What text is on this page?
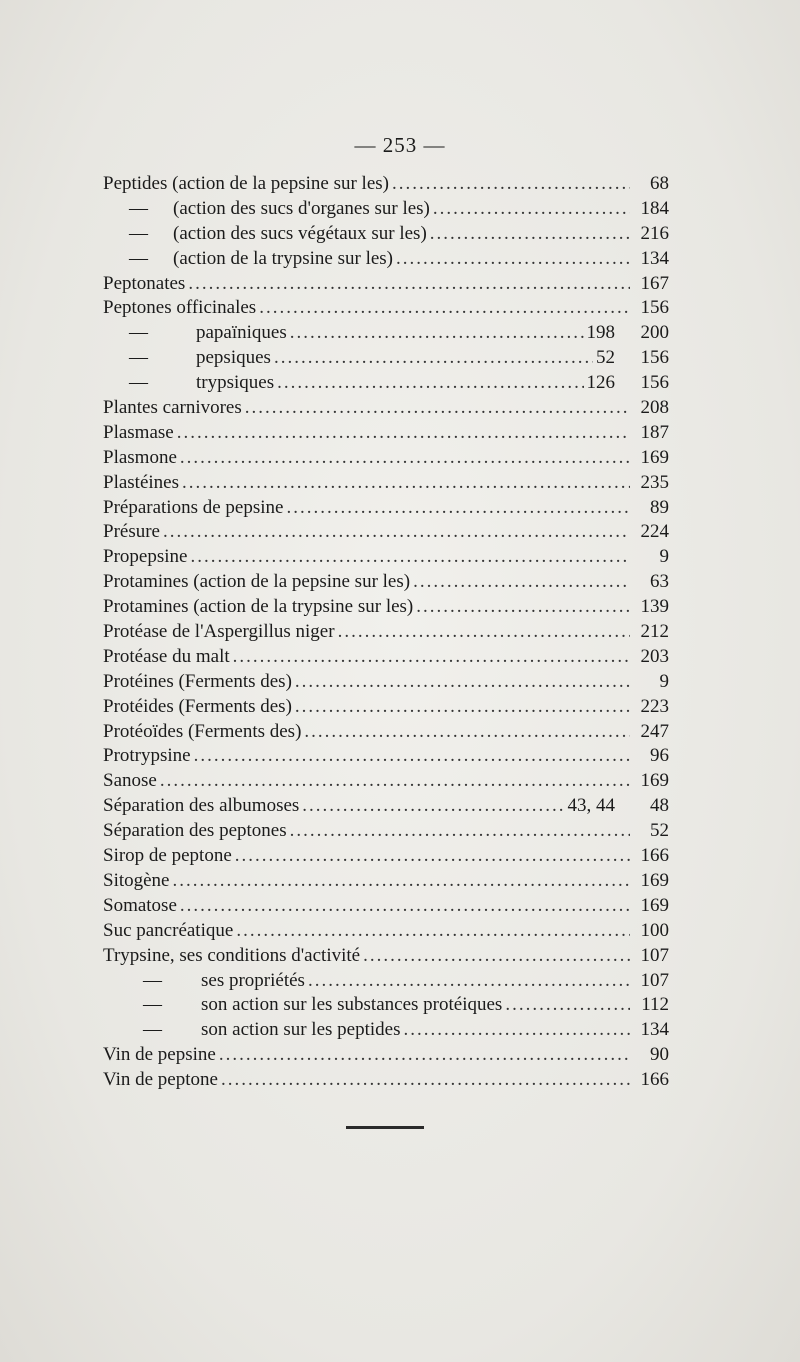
— 253 —
Peptides (action de la pepsine sur les) .....	68
—	(action des sucs d'organes sur les) .....	184
—	(action des sucs végétaux sur les) .....	216
—	(action de la trypsine sur les) .....	134
Peptonates .....	167
Peptones officinales .....	156
—	papaïniques .....	198	200
—	pepsiques .....	52	156
—	trypsiques .....	126	156
Plantes carnivores .....	208
Plasmase .....	187
Plasmone .....	169
Plastéines .....	235
Préparations de pepsine .....	89
Présure .....	224
Propepsine .....	9
Protamines (action de la pepsine sur les) .....	63
Protamines (action de la trypsine sur les) .....	139
Protéase de l'Aspergillus niger .....	212
Protéase du malt .....	203
Protéines (Ferments des) .....	9
Protéides (Ferments des) .....	223
Protéoïdes (Ferments des) .....	247
Protrypsine .....	96
Sanose .....	169
Séparation des albumoses .....	43, 44	48
Séparation des peptones .....	52
Sirop de peptone .....	166
Sitogène .....	169
Somatose .....	169
Suc pancréatique .....	100
Trypsine, ses conditions d'activité .....	107
—	ses propriétés .....	107
—	son action sur les substances protéiques .....	112
—	son action sur les peptides .....	134
Vin de pepsine .....	90
Vin de peptone .....	166
